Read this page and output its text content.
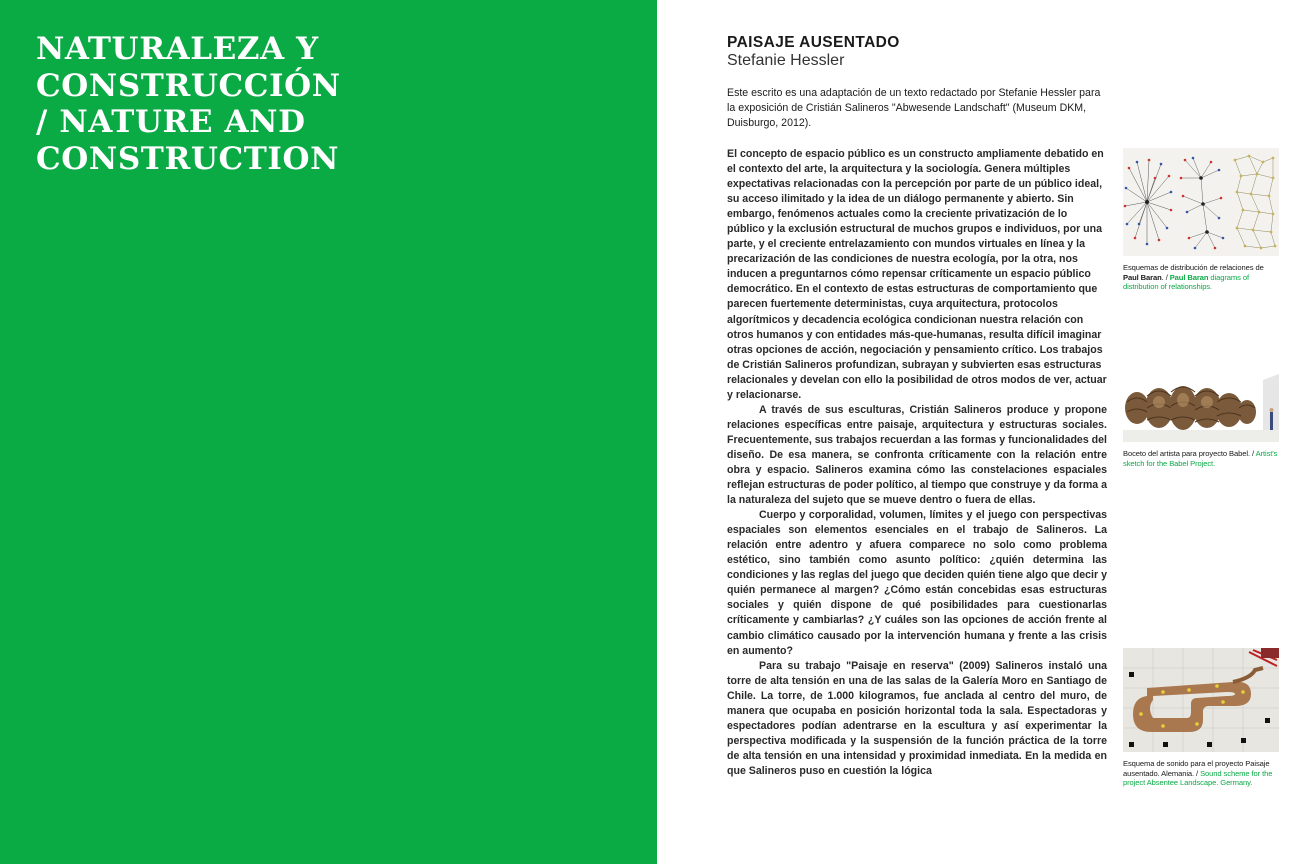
NATURALEZA Y
CONSTRUCCIÓN
/ NATURE AND
CONSTRUCTION
PAISAJE AUSENTADO
Stefanie Hessler

Este escrito es una adaptación de un texto redactado por Stefanie Hessler para la exposición de Cristián Salineros "Abwesende Landschaft" (Museum DKM, Duisburgo, 2012).

El concepto de espacio público es un constructo ampliamente debatido en el contexto del arte, la arquitectura y la sociología. Genera múltiples expectativas relacionadas con la percepción por parte de un público ideal, su acceso ilimitado y la idea de un diálogo permanente y abierto. Sin embargo, fenómenos actuales como la creciente privatización de lo público y la exclusión estructural de muchos grupos e individuos, por una parte, y el creciente entrelazamiento con mundos virtuales en línea y la precarización de las condiciones de nuestra ecología, por la otra, nos inducen a preguntarnos cómo repensar críticamente un espacio público democrático. En el contexto de estas estructuras de comportamiento que parecen fuertemente deterministas, cuya arquitectura, protocolos algorítmicos y decadencia ecológica condicionan nuestra relación con otros humanos y con entidades más-que-humanas, resulta difícil imaginar otras opciones de acción, negociación y pensamiento crítico. Los trabajos de Cristián Salineros profundizan, subrayan y subvierten esas estructuras relacionales y develan con ello la posibilidad de otros modos de ver, actuar y relacionarse.

A través de sus esculturas, Cristián Salineros produce y propone relaciones específicas entre paisaje, arquitectura y estructuras sociales. Frecuentemente, sus trabajos recuerdan a las formas y funcionalidades del diseño. De esa manera, se confronta críticamente con la relación entre obra y espacio. Salineros examina cómo las constelaciones espaciales reflejan estructuras de poder político, al tiempo que construye y da forma a la naturaleza del sujeto que se mueve dentro o fuera de ellas.

Cuerpo y corporalidad, volumen, límites y el juego con perspectivas espaciales son elementos esenciales en el trabajo de Salineros. La relación entre adentro y afuera comparece no solo como problema estético, sino también como asunto político: ¿quién determina las condiciones y las reglas del juego que deciden quién tiene algo que decir y quién permanece al margen? ¿Cómo están concebidas esas estructuras sociales y quién dispone de qué posibilidades para cuestionarlas críticamente y cambiarlas? ¿Y cuáles son las opciones de acción frente al cambio climático causado por la intervención humana y frente a las crisis en aumento?

Para su trabajo "Paisaje en reserva" (2009) Salineros instaló una torre de alta tensión en una de las salas de la Galería Moro en Santiago de Chile. La torre, de 1.000 kilogramos, fue anclada al centro del muro, de manera que ocupaba en posición horizontal toda la sala. Espectadoras y espectadores podían adentrarse en la escultura y así experimentar la perspectiva modificada y la suspensión de la función práctica de la torre de alta tensión en una intensidad y proximidad inmediata. En la medida en que Salineros puso en cuestión la lógica

Esquemas de distribución de relaciones de Paul Baran. / Paul Baran diagrams of distribution of relationships.

Boceto del artista para proyecto Babel. / Artist's sketch for the Babel Project.

Esquema de sonido para el proyecto Paisaje ausentado. Alemania. / Sound scheme for the project Absentee Landscape. Germany.
